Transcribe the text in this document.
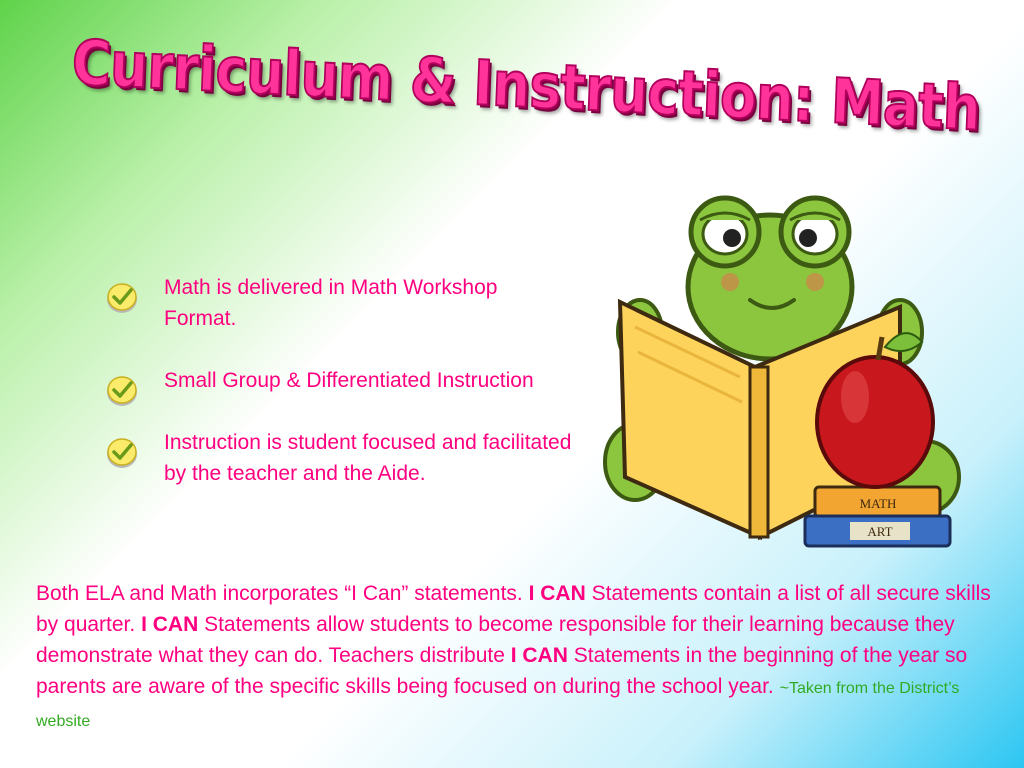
Curriculum & Instruction: Math
Math is delivered in Math Workshop Format.
Small Group & Differentiated Instruction
Instruction is student focused and facilitated by the teacher and the Aide.
MATH
ART
Both ELA and Math incorporates “I Can” statements. I CAN Statements contain a list of all secure skills by quarter. I CAN Statements allow students to become responsible for their learning because they demonstrate what they can do. Teachers distribute I CAN Statements in the beginning of the year so parents are aware of the specific skills being focused on during the school year. ~Taken from the District’s website
